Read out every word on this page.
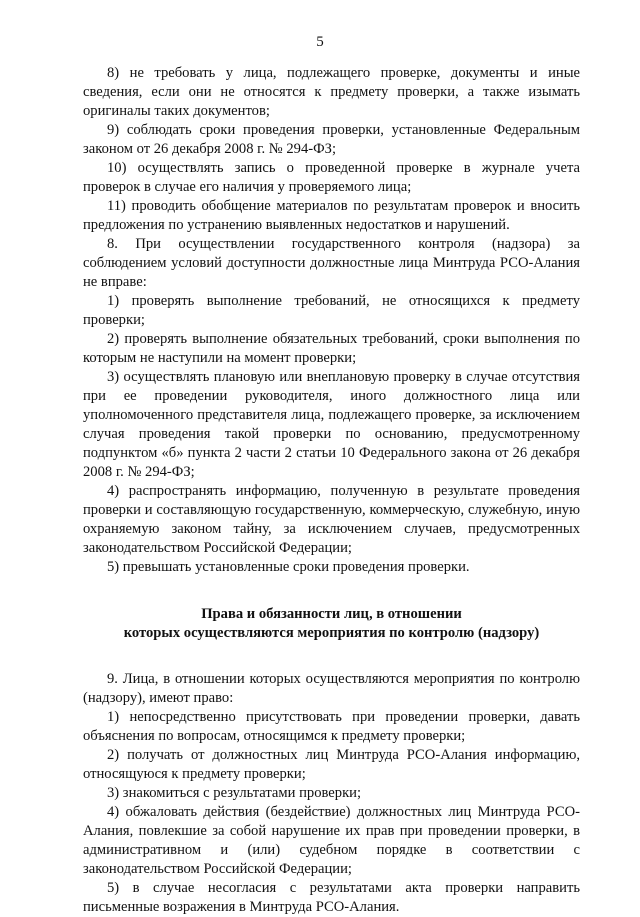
5

8) не требовать у лица, подлежащего проверке, документы и иные сведения, если они не относятся к предмету проверки, а также изымать оригиналы таких документов;

9) соблюдать сроки проведения проверки, установленные Федеральным законом от 26 декабря 2008 г. № 294-ФЗ;

10) осуществлять запись о проведенной проверке в журнале учета проверок в случае его наличия у проверяемого лица;

11) проводить обобщение материалов по результатам проверок и вносить предложения по устранению выявленных недостатков и нарушений.

8. При осуществлении государственного контроля (надзора) за соблюдением условий доступности должностные лица Минтруда РСО-Алания не вправе:

1) проверять выполнение требований, не относящихся к предмету проверки;

2) проверять выполнение обязательных требований, сроки выполнения по которым не наступили на момент проверки;

3) осуществлять плановую или внеплановую проверку в случае отсутствия при ее проведении руководителя, иного должностного лица или уполномоченного представителя лица, подлежащего проверке, за исключением случая проведения такой проверки по основанию, предусмотренному подпунктом «б» пункта 2 части 2 статьи 10 Федерального закона от 26 декабря 2008 г. № 294-ФЗ;

4) распространять информацию, полученную в результате проведения проверки и составляющую государственную, коммерческую, служебную, иную охраняемую законом тайну, за исключением случаев, предусмотренных законодательством Российской Федерации;

5) превышать установленные сроки проведения проверки.

Права и обязанности лиц, в отношении
которых осуществляются мероприятия по контролю (надзору)

9. Лица, в отношении которых осуществляются мероприятия по контролю (надзору), имеют право:

1) непосредственно присутствовать при проведении проверки, давать объяснения по вопросам, относящимся к предмету проверки;

2) получать от должностных лиц Минтруда РСО-Алания информацию, относящуюся к предмету проверки;

3) знакомиться с результатами проверки;

4) обжаловать действия (бездействие) должностных лиц Минтруда РСО-Алания, повлекшие за собой нарушение их прав при проведении проверки, в административном и (или) судебном порядке в соответствии с законодательством Российской Федерации;

5) в случае несогласия с результатами акта проверки направить письменные возражения в Минтруда РСО-Алания.
